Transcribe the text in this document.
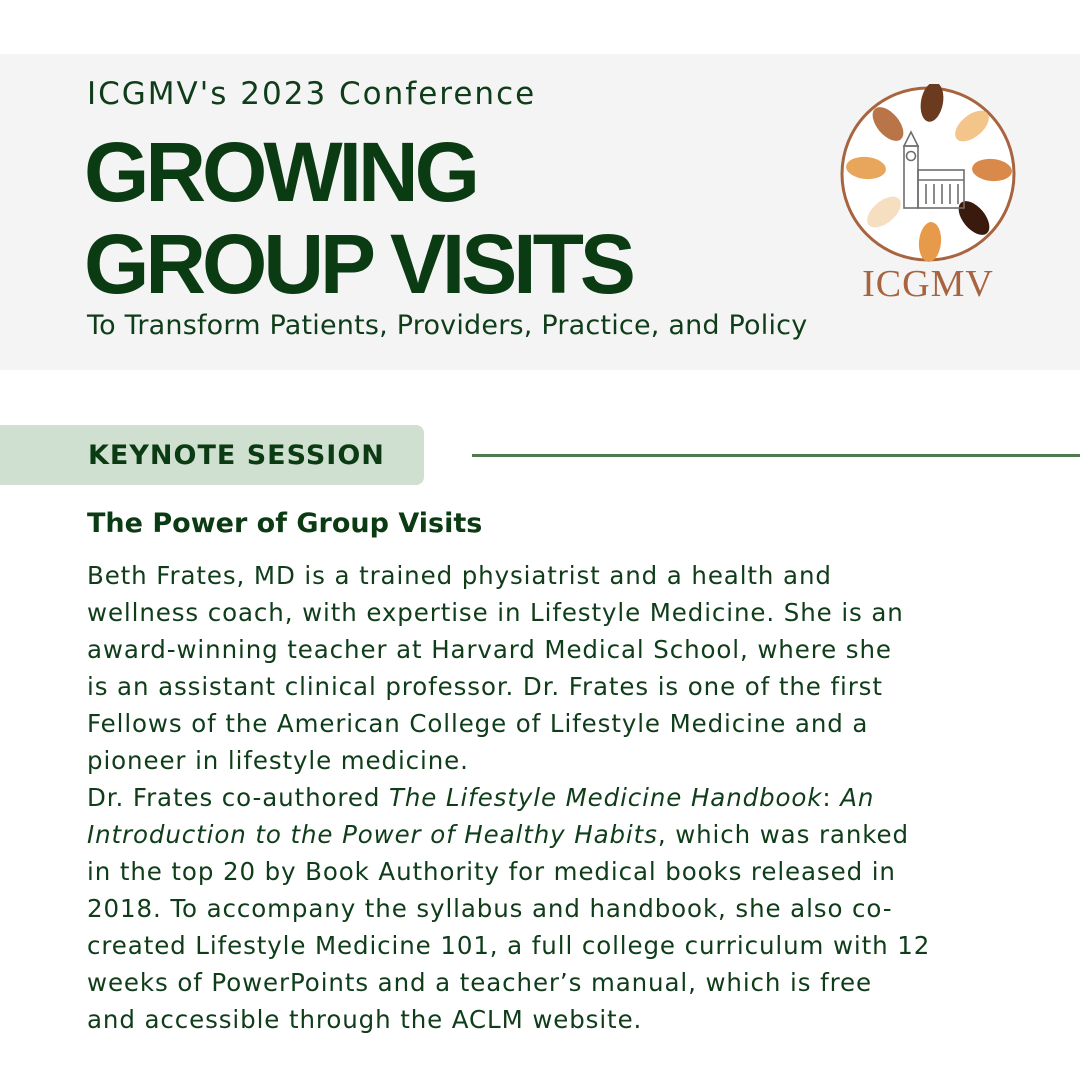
ICGMV's 2023 Conference
GROWING
GROUP VISITS
To Transform Patients, Providers, Practice, and Policy
ICGMV
KEYNOTE SESSION
The Power of Group Visits
Beth Frates, MD is a trained physiatrist and a health and
wellness coach, with expertise in Lifestyle Medicine. She is an
award-winning teacher at Harvard Medical School, where she
is an assistant clinical professor. Dr. Frates is one of the first
Fellows of the American College of Lifestyle Medicine and a
pioneer in lifestyle medicine.
Dr. Frates co-authored The Lifestyle Medicine Handbook: An
Introduction to the Power of Healthy Habits, which was ranked
in the top 20 by Book Authority for medical books released in
2018. To accompany the syllabus and handbook, she also co-
created Lifestyle Medicine 101, a full college curriculum with 12
weeks of PowerPoints and a teacher’s manual, which is free
and accessible through the ACLM website.
